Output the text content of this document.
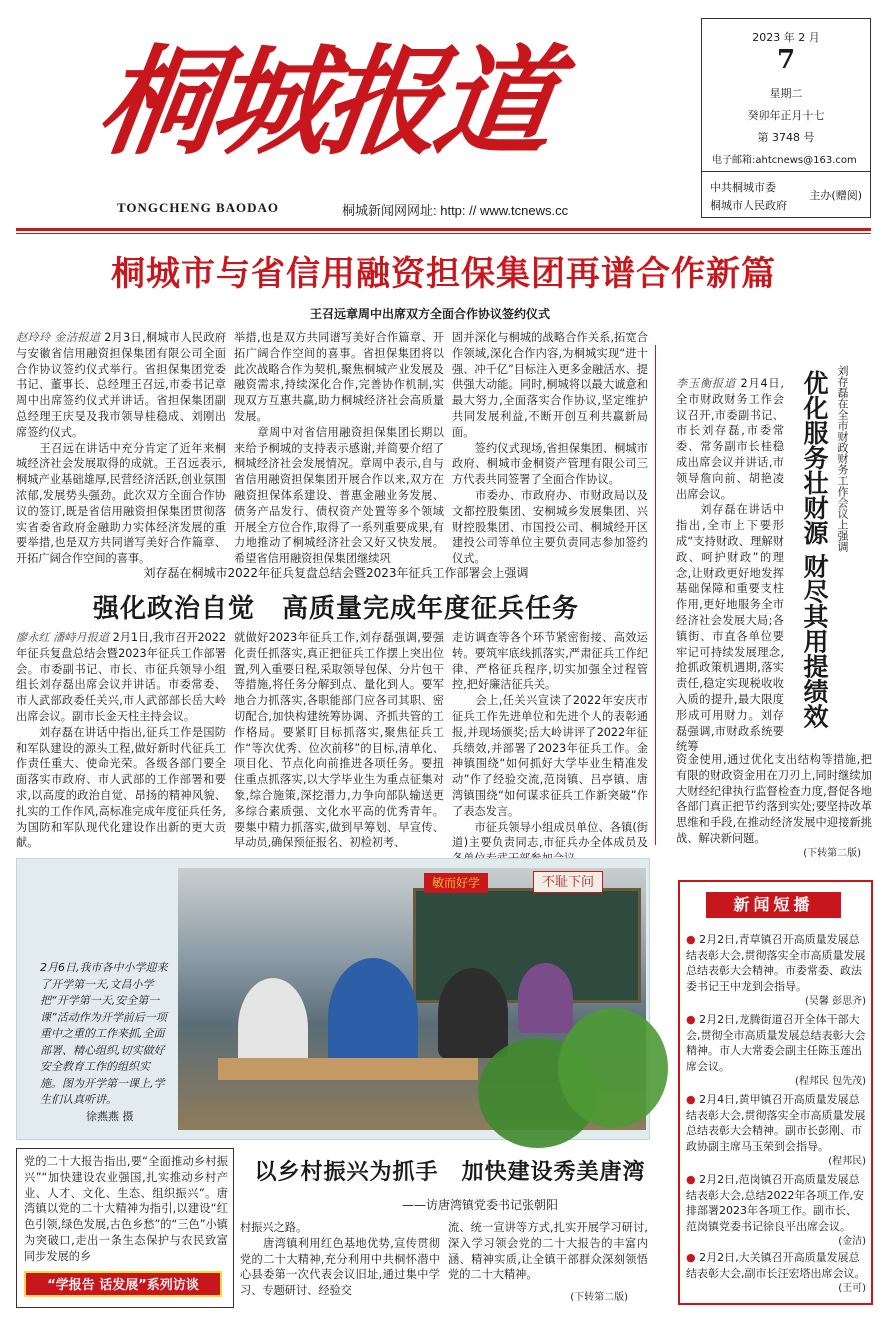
桐城报道
TONGCHENG BAODAO	桐城新闻网网址: http: // www.tcnews.cc
2023 年 2 月
7
星期二
癸卯年正月十七
第 3748 号
电子邮箱:ahtcnews@163.com
中共桐城市委
桐城市人民政府
主办(赠阅)
桐城市与省信用融资担保集团再谱合作新篇
王召远章周中出席双方全面合作协议签约仪式
赵玲玲 金洁报道 2月3日,桐城市人民政府与安徽省信用融资担保集团有限公司全面合作协议签约仪式举行。省担保集团党委书记、董事长、总经理王召远,市委书记章周中出席签约仪式并讲话。省担保集团副总经理王庆旻及我市领导桂稳成、刘刚出席签约仪式。
　　王召远在讲话中充分肯定了近年来桐城经济社会发展取得的成就。王召远表示,桐城产业基础雄厚,民营经济活跃,创业氛围浓郁,发展势头强劲。此次双方全面合作协议的签订,既是省信用融资担保集团贯彻落实省委省政府金融助力实体经济发展的重要举措,也是双方共同谱写美好合作篇章、开拓广阔合作空间的喜事。
举措,也是双方共同谱写美好合作篇章、开拓广阔合作空间的喜事。省担保集团将以此次战略合作为契机,聚焦桐城产业发展及融资需求,持续深化合作,完善协作机制,实现双方互惠共赢,助力桐城经济社会高质量发展。
　　章周中对省信用融资担保集团长期以来给予桐城的支持表示感谢,并简要介绍了桐城经济社会发展情况。章周中表示,自与省信用融资担保集团开展合作以来,双方在融资担保体系建设、普惠金融业务发展、债务产品发行、债权资产处置等多个领域开展全方位合作,取得了一系列重要成果,有力地推动了桐城经济社会又好又快发展。希望省信用融资担保集团继续巩
固并深化与桐城的战略合作关系,拓宽合作领域,深化合作内容,为桐城实现“进十强、冲千亿”目标注入更多金融活水、提供强大动能。同时,桐城将以最大诚意和最大努力,全面落实合作协议,坚定维护共同发展利益,不断开创互利共赢新局面。
　　签约仪式现场,省担保集团、桐城市政府、桐城市金桐资产管理有限公司三方代表共同签署了全面合作协议。
　　市委办、市政府办、市财政局以及文都控股集团、安桐城乡发展集团、兴财控股集团、市国投公司、桐城经开区建投公司等单位主要负责同志参加签约仪式。	优化服务壮财源 财尽其用提绩效 刘存磊在全市财政财务工作会议上强调
李玉衡报道 2月4日,全市财政财务工作会议召开,市委副书记、市长刘存磊,市委常委、常务副市长桂稳成出席会议并讲话,市领导詹向前、胡艳凌出席会议。
　　刘存磊在讲话中指出,全市上下要形成“支持财政、理解财政、呵护财政”的理念,让财政更好地发挥基础保障和重要支柱作用,更好地服务全市经济社会发展大局;各镇街、市直各单位要牢记可持续发展理念,抢抓政策机遇期,落实责任,稳定实现税收收入质的提升,最大限度形成可用财力。刘存磊强调,市财政系统要统筹
资金使用,通过优化支出结构等措施,把有限的财政资金用在刀刃上,同时继续加大财经纪律执行监督检查力度,督促各地各部门真正把节约落到实处;要坚持改革思维和手段,在推动经济发展中迎接新挑战、解决新问题。
(下转第二版)
刘存磊在桐城市2022年征兵复盘总结会暨2023年征兵工作部署会上强调
强化政治自觉　高质量完成年度征兵任务
廖永红 潘峙月报道 2月1日,我市召开2022年征兵复盘总结会暨2023年征兵工作部署会。市委副书记、市长、市征兵领导小组组长刘存磊出席会议并讲话。市委常委、市人武部政委任关兴,市人武部部长岳大岭出席会议。副市长金天柱主持会议。
　　刘存磊在讲话中指出,征兵工作是国防和军队建设的源头工程,做好新时代征兵工作责任重大、使命光荣。各级各部门要全面落实市政府、市人武部的工作部署和要求,以高度的政治自觉、昂扬的精神风貌、扎实的工作作风,高标准完成年度征兵任务,为国防和军队现代化建设作出新的更大贡献。
就做好2023年征兵工作,刘存磊强调,要强化责任抓落实,真正把征兵工作摆上突出位置,列入重要日程,采取领导包保、分片包干等措施,将任务分解到点、量化到人。要军地合力抓落实,各职能部门应各司其职、密切配合,加快构建统筹协调、齐抓共管的工作格局。要紧盯目标抓落实,聚焦征兵工作“等次优秀、位次前移”的目标,清单化、项目化、节点化向前推进各项任务。要扭住重点抓落实,以大学毕业生为重点征集对象,综合施策,深挖潜力,力争向部队输送更多综合素质强、文化水平高的优秀青年。要集中精力抓落实,做到早筹划、早宣传、早动员,确保预征报名、初检初考、
走访调查等各个环节紧密衔接、高效运转。要筑牢底线抓落实,严肃征兵工作纪律、严格征兵程序,切实加强全过程管控,把好廉洁征兵关。
　　会上,任关兴宣读了2022年安庆市征兵工作先进单位和先进个人的表彰通报,并现场颁奖;岳大岭讲评了2022年征兵绩效,并部署了2023年征兵工作。金神镇围绕“如何抓好大学毕业生精准发动”作了经验交流,范岗镇、吕亭镇、唐湾镇围绕“如何谋求征兵工作新突破”作了表态发言。
　　市征兵领导小组成员单位、各镇(街道)主要负责同志,市征兵办全体成员及
敏而好学	不耻下问
2月6日,我市各中小学迎来了开学第一天,文昌小学把“开学第一天,安全第一课”活动作为开学前后一项重中之重的工作来抓,全面部署、精心组织,切实做好安全教育工作的组织实施。图为开学第一课上,学生们认真听讲。
徐燕燕 摄
新闻短播
● 2月2日,青草镇召开高质量发展总结表彰大会,贯彻落实全市高质量发展总结表彰大会精神。市委常委、政法委书记王中龙到会指导。
(吴馨 彭思齐)
● 2月2日,龙腾街道召开全体干部大会,贯彻全市高质量发展总结表彰大会精神。市人大常委会副主任陈玉莲出席会议。
(程邦民 包先茂)
● 2月4日,黄甲镇召开高质量发展总结表彰大会,贯彻落实全市高质量发展总结表彰大会精神。副市长彭刚、市政协副主席马玉荣到会指导。
(程邦民)
● 2月2日,范岗镇召开高质量发展总结表彰大会,总结2022年各项工作,安排部署2023年各项工作。副市长、范岗镇党委书记徐良平出席会议。
(金洁)
● 2月2日,大关镇召开高质量发展总结表彰大会,副市长汪宏塔出席会议。
(王可)
党的二十大报告指出,要“全面推动乡村振兴”“加快建设农业强国,扎实推动乡村产业、人才、文化、生态、组织振兴”。唐湾镇以党的二十大精神为指引,以建设“红色引领,绿色发展,古色乡愁”的“三色”小镇为突破口,走出一条生态保护与农民致富同步发展的乡
“学报告 话发展”系列访谈
以乡村振兴为抓手　加快建设秀美唐湾
——访唐湾镇党委书记张朝阳
村振兴之路。
　　唐湾镇利用红色基地优势,宣传贯彻党的二十大精神,充分利用中共桐怀潜中心县委第一次代表会议旧址,通过集中学习、专题研讨、经验交
流、统一宣讲等方式,扎实开展学习研讨,深入学习领会党的二十大报告的丰富内涵、精神实质,让全镇干部群众深刻领悟党的二十大精神。
(下转第二版)
